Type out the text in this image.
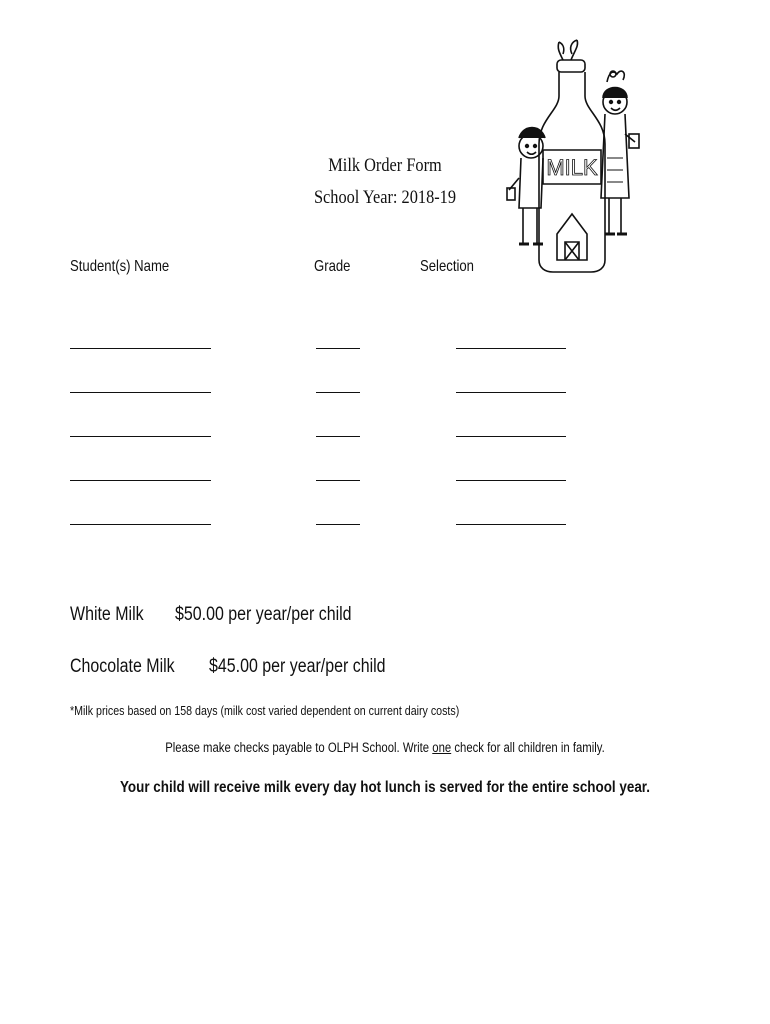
MILK
Milk Order Form
School Year: 2018-19
Student(s) Name	Grade	Selection
White Milk $50.00 per year/per child
Chocolate Milk $45.00 per year/per child
*Milk prices based on 158 days (milk cost varied dependent on current dairy costs)
Please make checks payable to OLPH School. Write one check for all children in family.
Your child will receive milk every day hot lunch is served for the entire school year.
